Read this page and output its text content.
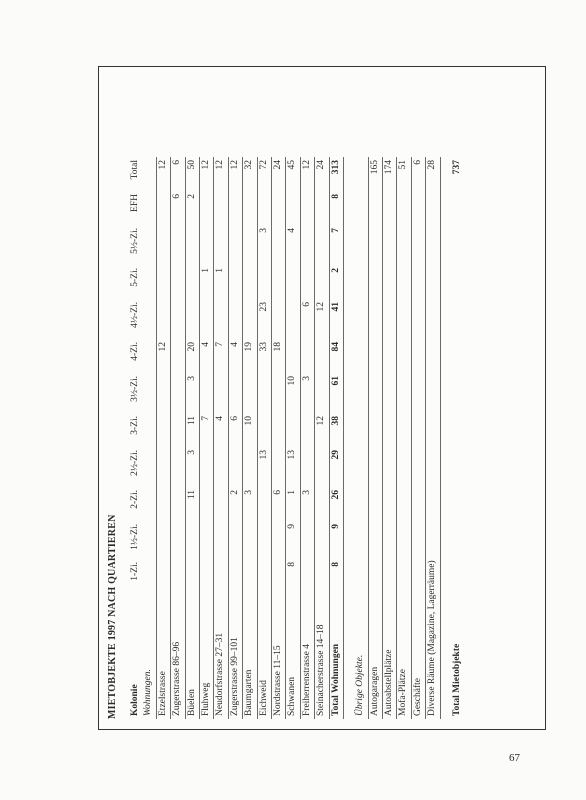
MIETOBJEKTE 1997 NACH QUARTIEREN Kolonie	1-Zi.	1½-Zi.	2-Zi.	2½-Zi.	3-Zi.	3½-Zi.	4-Zi.	4½-Zi.	5-Zi.	5½-Zi.	EFH	Total
Wohnungen.												
Etzelstrasse							12					12
Zugerstrasse 86–96											6	6
Büelen			11	3	11	3	20				2	50
Fluhweg					7		4		1			12
Neudorfstrasse 27–31					4		7		1			12
Zugerstrasse 99–101			2		6		4					12
Baumgarten			3		10		19					32
Eichweid				13			33	23		3		72
Nordstrasse 11–15			6				18					24
Schwanen	8	9	1	13		10				4		45
Freiherrenstrasse 4			3			3		6				12
Steinacherstrasse 14–18					12			12				24
Total Wohnungen	8	9	26	29	38	61	84	41	2	7	8	313

Übrige Objekte.												
Autogaragen												165
Autoabstellplätze												174
Mofa-Plätze												51
Geschäfte												6
Diverse Räume (Magazine, Lagerräume)												28

Total Mietobjekte												737
67
